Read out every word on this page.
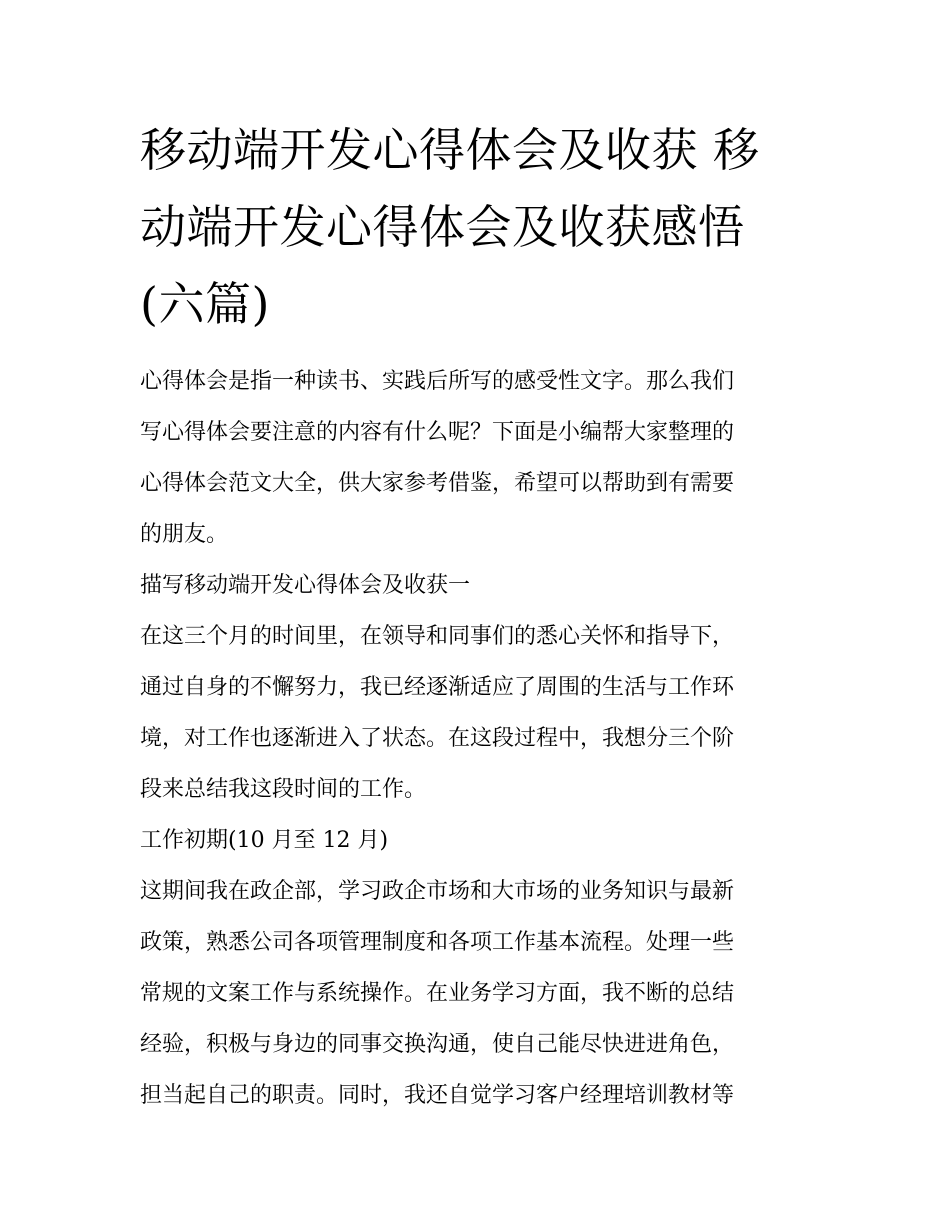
移动端开发心得体会及收获 移
动端开发心得体会及收获感悟
(六篇)

心得体会是指一种读书、实践后所写的感受性文字。那么我们

写心得体会要注意的内容有什么呢？下面是小编帮大家整理的

心得体会范文大全，供大家参考借鉴，希望可以帮助到有需要

的朋友。

描写移动端开发心得体会及收获一

在这三个月的时间里，在领导和同事们的悉心关怀和指导下，

通过自身的不懈努力，我已经逐渐适应了周围的生活与工作环

境，对工作也逐渐进入了状态。在这段过程中，我想分三个阶

段来总结我这段时间的工作。

工作初期(10 月至 12 月)

这期间我在政企部，学习政企市场和大市场的业务知识与最新

政策，熟悉公司各项管理制度和各项工作基本流程。处理一些

常规的文案工作与系统操作。在业务学习方面，我不断的总结

经验，积极与身边的同事交换沟通，使自己能尽快进进角色，

担当起自己的职责。同时，我还自觉学习客户经理培训教材等
